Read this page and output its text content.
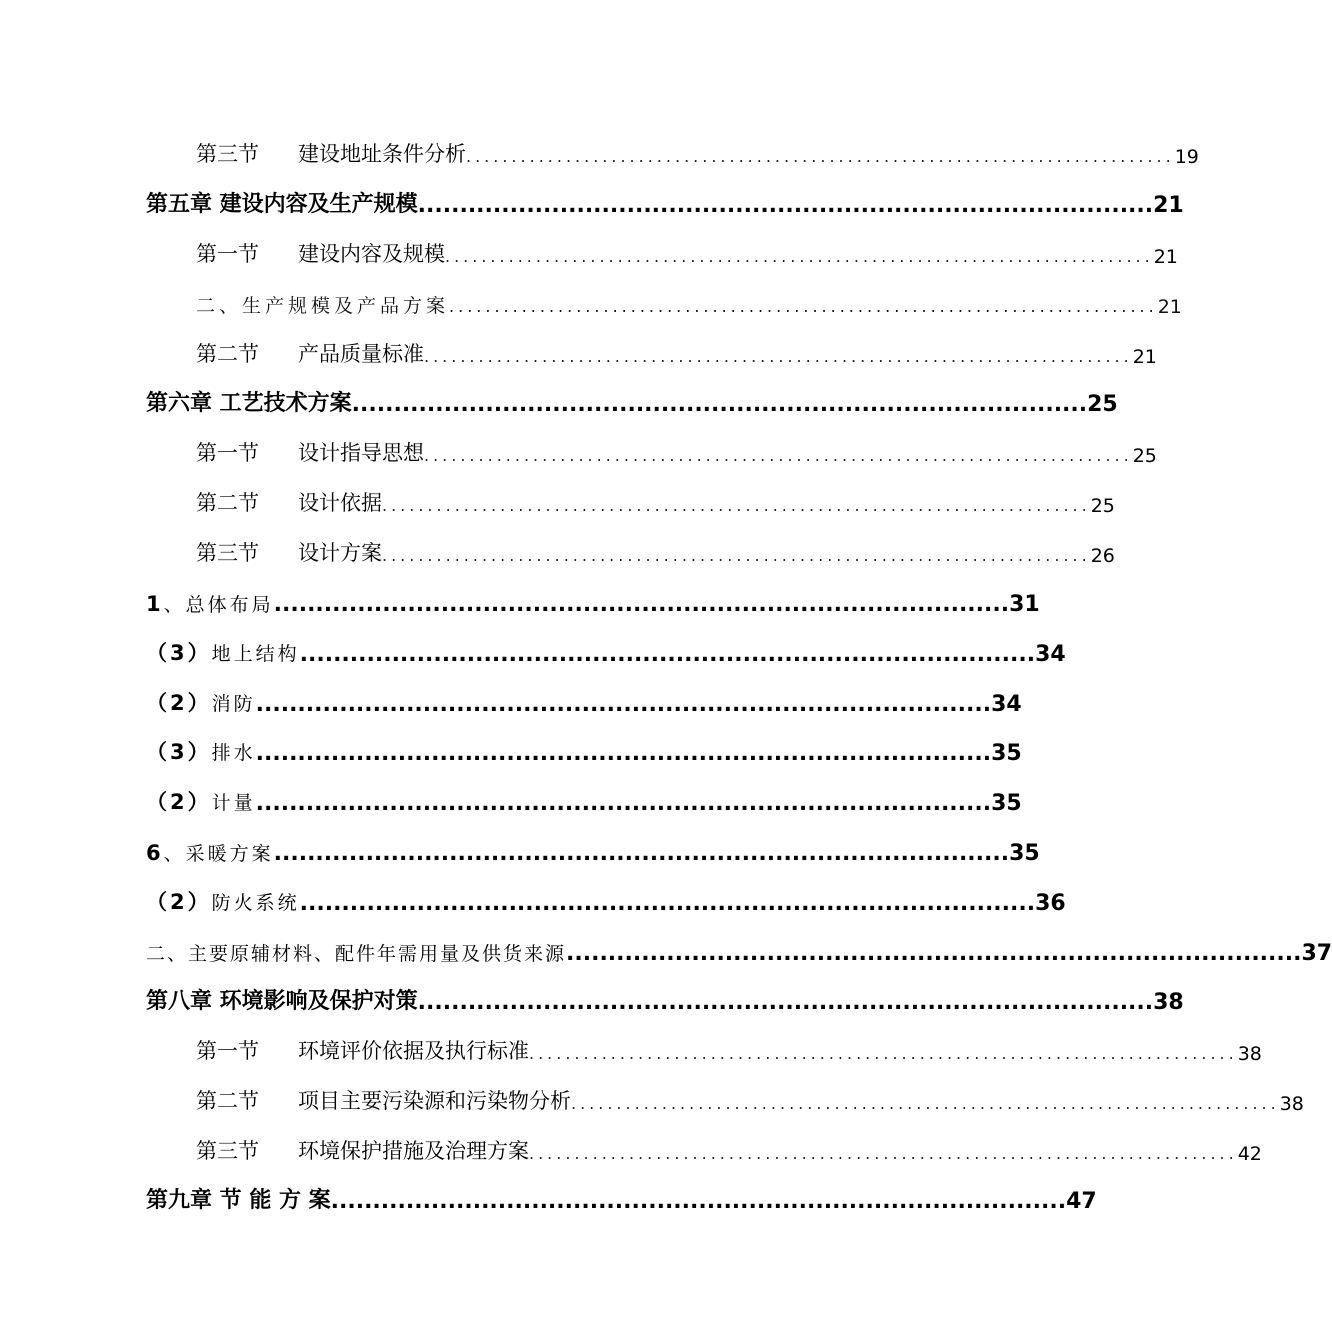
第三节 建设地址条件分析 .............................................................................. 19
第五章 建设内容及生产规模 ........................................................................................ 21
第一节 建设内容及规模 .............................................................................. 21
二、生产规模及产品方案 .............................................................................. 21
第二节 产品质量标准 .............................................................................. 21
第六章 工艺技术方案 ........................................................................................ 25
第一节 设计指导思想 .............................................................................. 25
第二节 设计依据 .............................................................................. 25
第三节 设计方案 .............................................................................. 26
1、总体布局 ........................................................................................ 31
（3）地上结构 ........................................................................................ 34
（2）消防 ........................................................................................ 34
（3）排水 ........................................................................................ 35
（2）计量 ........................................................................................ 35
6、采暖方案 ........................................................................................ 35
（2）防火系统 ........................................................................................ 36
二、主要原辅材料、配件年需用量及供货来源 ........................................................................................ 37
第八章 环境影响及保护对策 ........................................................................................ 38
第一节 环境评价依据及执行标准 .............................................................................. 38
第二节 项目主要污染源和污染物分析 .............................................................................. 38
第三节 环境保护措施及治理方案 .............................................................................. 42
第九章 节 能 方 案 ........................................................................................ 47
